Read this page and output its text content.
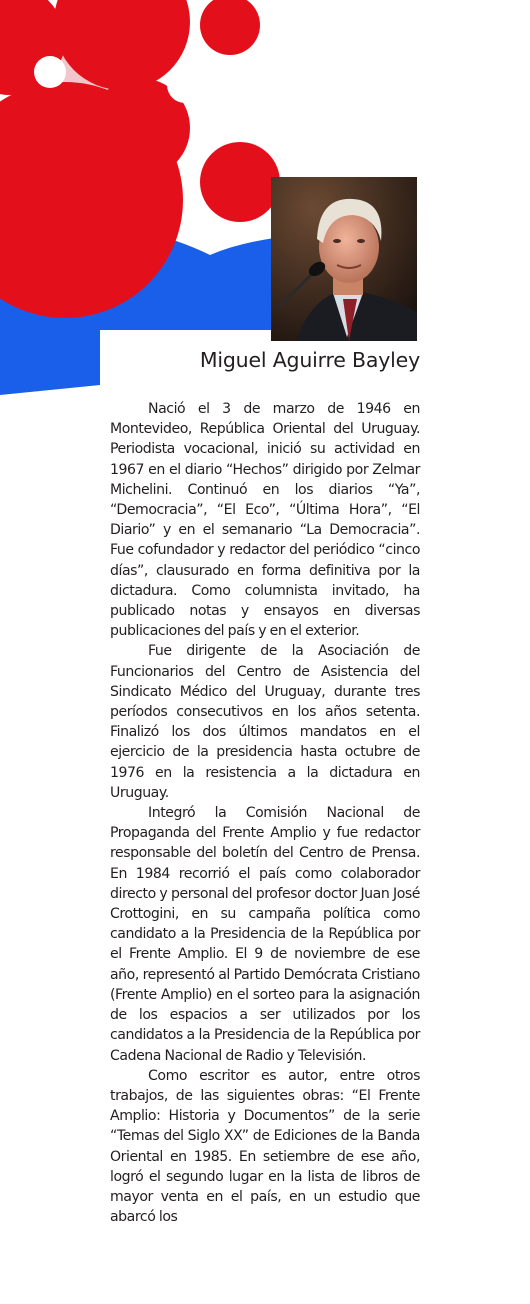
Miguel Aguirre Bayley

Nació el 3 de marzo de 1946 en Montevideo, República Oriental del Uruguay. Periodista vocacional, inició su actividad en 1967 en el diario “Hechos” dirigido por Zelmar Michelini. Continuó en los diarios “Ya”, “Democracia”, “El Eco”, “Última Hora”, “El Diario” y en el semanario “La Democracia”. Fue cofundador y redactor del periódico “cinco días”, clausurado en forma definitiva por la dictadura. Como columnista invitado, ha publicado notas y ensayos en diversas publicaciones del país y en el exterior.

Fue dirigente de la Asociación de Funcionarios del Centro de Asistencia del Sindicato Médico del Uruguay, durante tres períodos consecutivos en los años setenta. Finalizó los dos últimos mandatos en el ejercicio de la presidencia hasta octubre de 1976 en la resistencia a la dictadura en Uruguay.

Integró la Comisión Nacional de Propaganda del Frente Amplio y fue redactor responsable del boletín del Centro de Prensa. En 1984 recorrió el país como colaborador directo y personal del profesor doctor Juan José Crottogini, en su campaña política como candidato a la Presidencia de la República por el Frente Amplio. El 9 de noviembre de ese año, representó al Partido Demócrata Cristiano (Frente Amplio) en el sorteo para la asignación de los espacios a ser utilizados por los candidatos a la Presidencia de la República por Cadena Nacional de Radio y Televisión.

Como escritor es autor, entre otros trabajos, de las siguientes obras: “El Frente Amplio: Historia y Documentos” de la serie “Temas del Siglo XX” de Ediciones de la Banda Oriental en 1985. En setiembre de ese año, logró el segundo lugar en la lista de libros de mayor venta en el país, en un estudio que abarcó los
